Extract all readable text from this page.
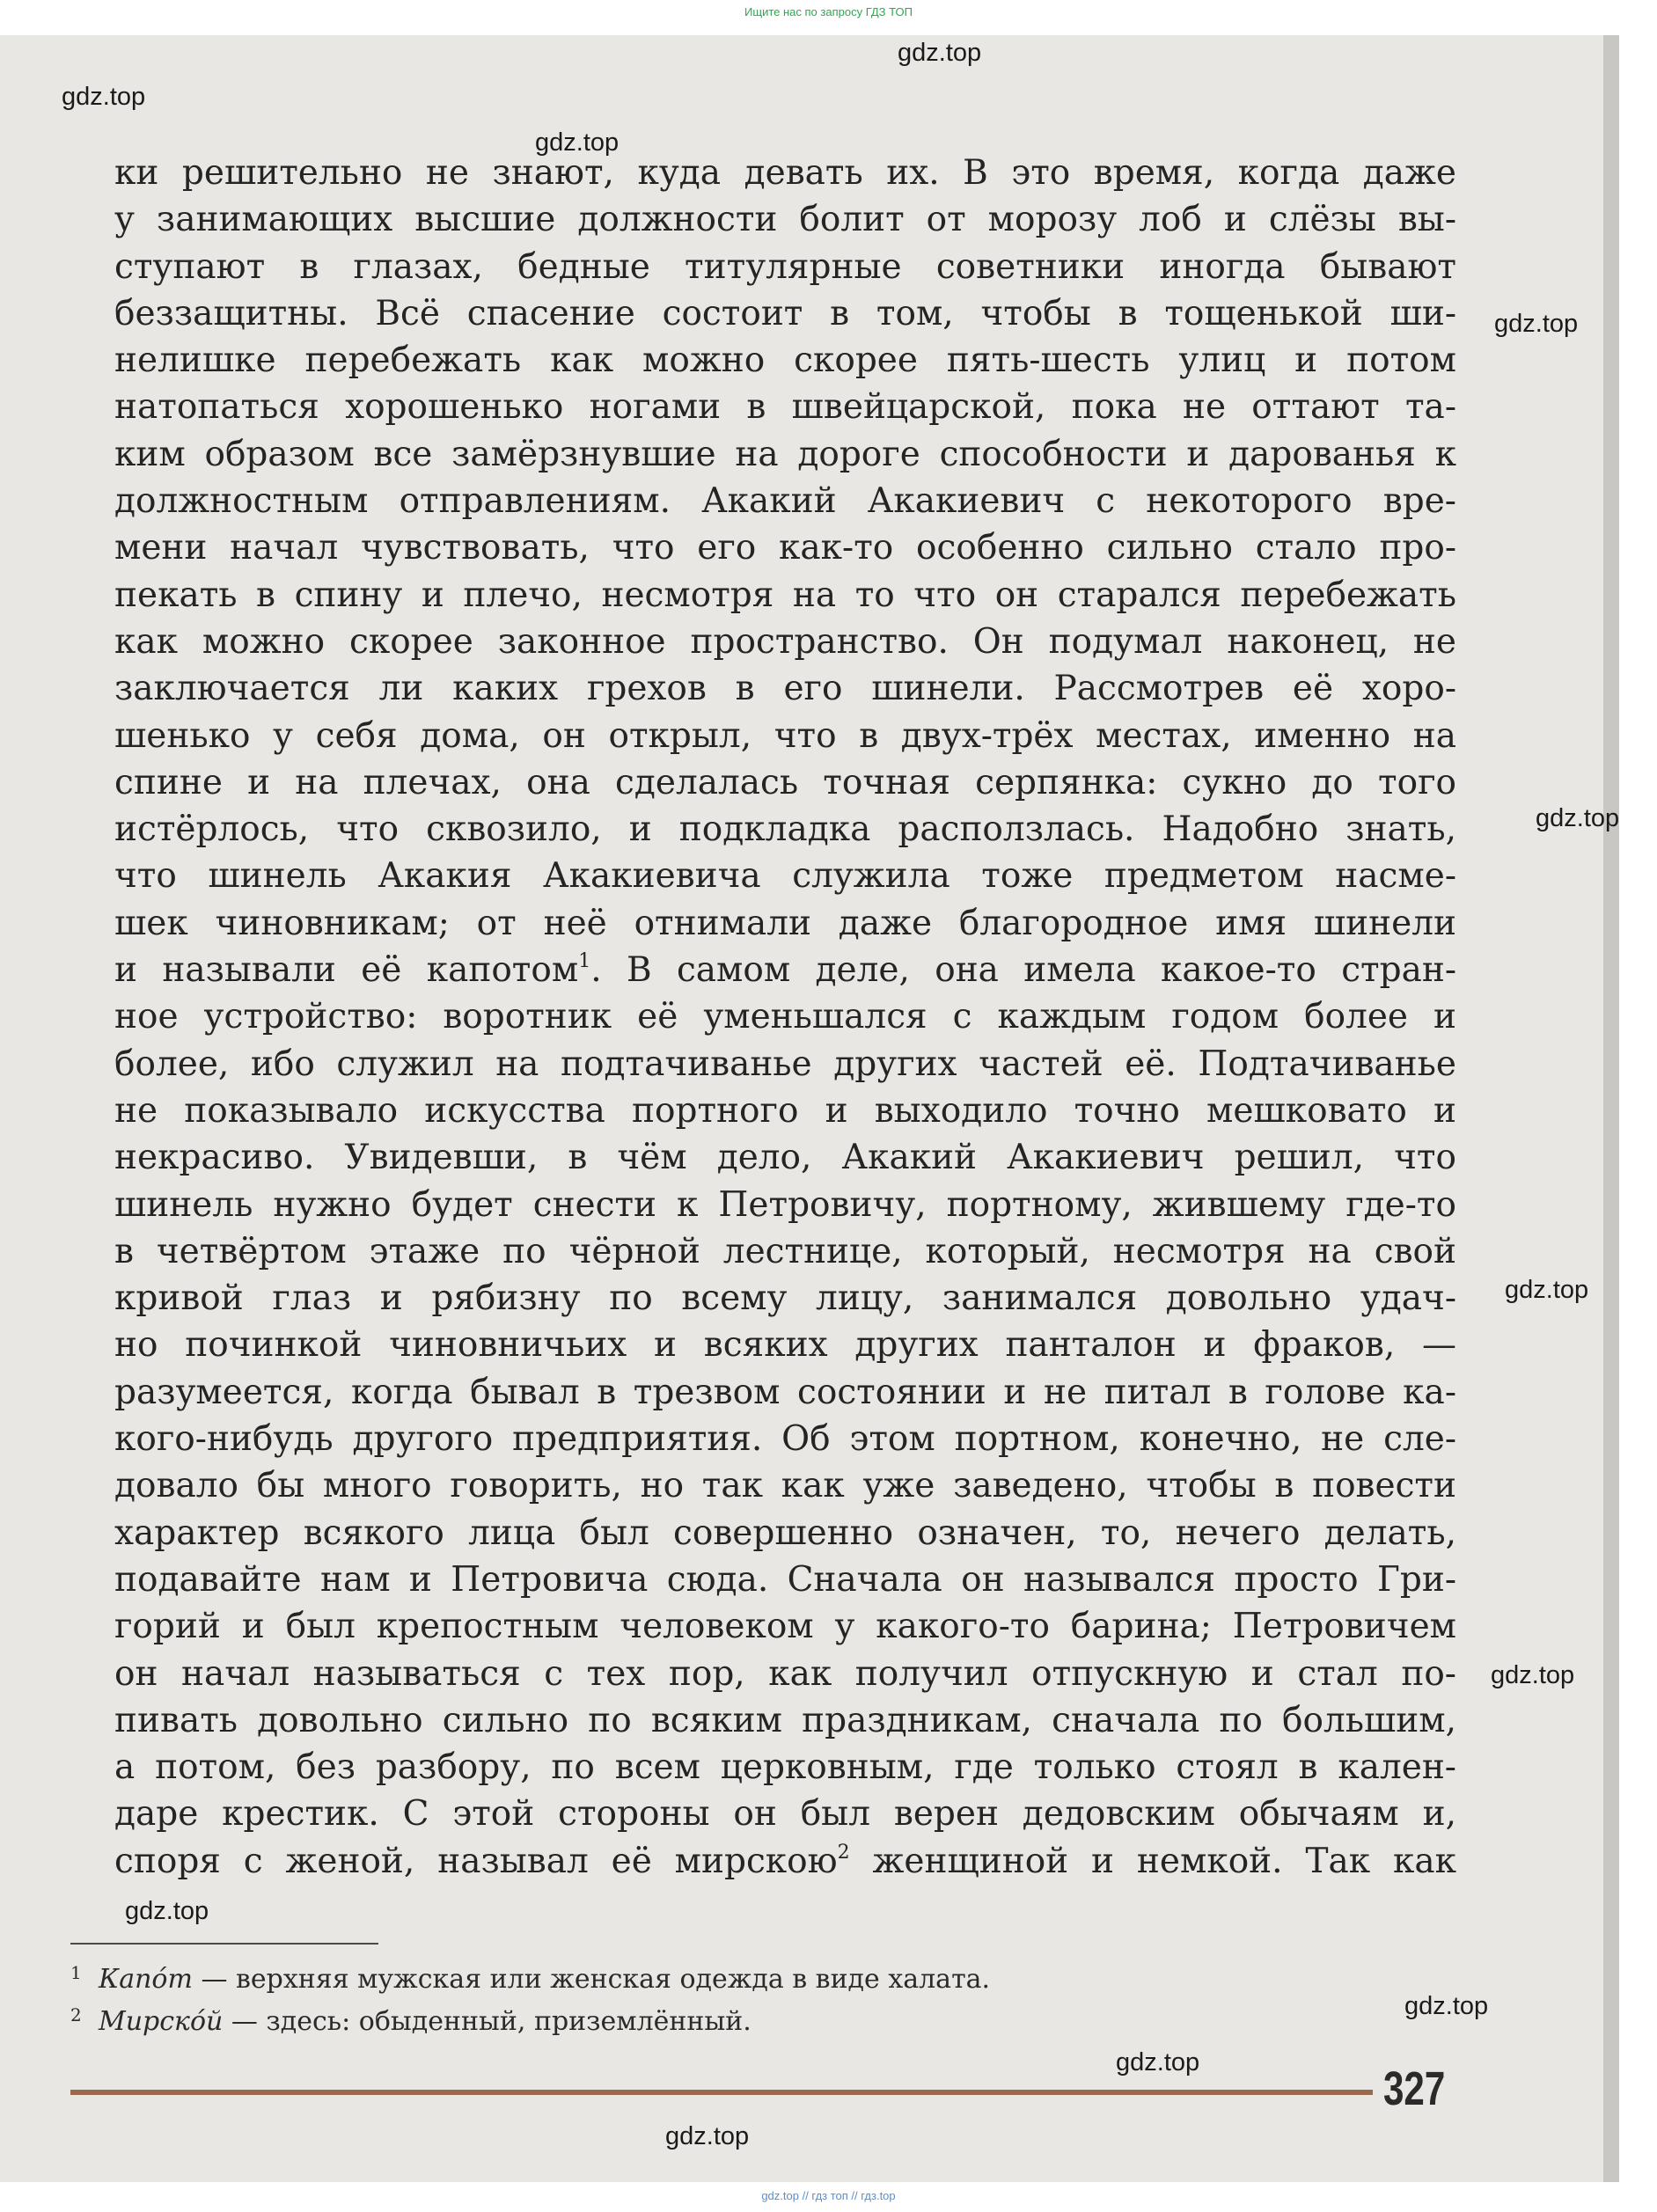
Ищите нас по запросу ГДЗ ТОП
ки решительно не знают, куда девать их. В это время, когда даже
у занимающих высшие должности болит от морозу лоб и слёзы вы-
ступают в глазах, бедные титулярные советники иногда бывают
беззащитны. Всё спасение состоит в том, чтобы в тощенькой ши-
нелишке перебежать как можно скорее пять-шесть улиц и потом
натопаться хорошенько ногами в швейцарской, пока не оттают та-
ким образом все замёрзнувшие на дороге способности и дарованья к
должностным отправлениям. Акакий Акакиевич с некоторого вре-
мени начал чувствовать, что его как-то особенно сильно стало про-
пекать в спину и плечо, несмотря на то что он старался перебежать
как можно скорее законное пространство. Он подумал наконец, не
заключается ли каких грехов в его шинели. Рассмотрев её хоро-
шенько у себя дома, он открыл, что в двух-трёх местах, именно на
спине и на плечах, она сделалась точная серпянка: сукно до того
истёрлось, что сквозило, и подкладка расползлась. Надобно знать,
что шинель Акакия Акакиевича служила тоже предметом насме-
шек чиновникам; от неё отнимали даже благородное имя шинели
и называли её капотом$^1$. В самом деле, она имела какое-то стран-
ное устройство: воротник её уменьшался с каждым годом более и
более, ибо служил на подтачиванье других частей её. Подтачиванье
не показывало искусства портного и выходило точно мешковато и
некрасиво. Увидевши, в чём дело, Акакий Акакиевич решил, что
шинель нужно будет снести к Петровичу, портному, жившему где-то
в четвёртом этаже по чёрной лестнице, который, несмотря на свой
кривой глаз и рябизну по всему лицу, занимался довольно удач-
но починкой чиновничьих и всяких других панталон и фраков, —
разумеется, когда бывал в трезвом состоянии и не питал в голове ка-
кого-нибудь другого предприятия. Об этом портном, конечно, не сле-
довало бы много говорить, но так как уже заведено, чтобы в повести
характер всякого лица был совершенно означен, то, нечего делать,
подавайте нам и Петровича сюда. Сначала он назывался просто Гри-
горий и был крепостным человеком у какого-то барина; Петровичем
он начал называться с тех пор, как получил отпускную и стал по-
пивать довольно сильно по всяким праздникам, сначала по большим,
а потом, без разбору, по всем церковным, где только стоял в кален-
даре крестик. С этой стороны он был верен дедовским обычаям и,
споря с женой, называл её мирскою$^2$ женщиной и немкой. Так как
1 Капóт — верхняя мужская или женская одежда в виде халата.
2 Мирскóй — здесь: обыденный, приземлённый.
327
gdz.top
gdz.top
gdz.top
gdz.top
gdz.top
gdz.top
gdz.top
gdz.top
gdz.top
gdz.top
gdz.top
gdz.top // гдз топ // гдз.top
